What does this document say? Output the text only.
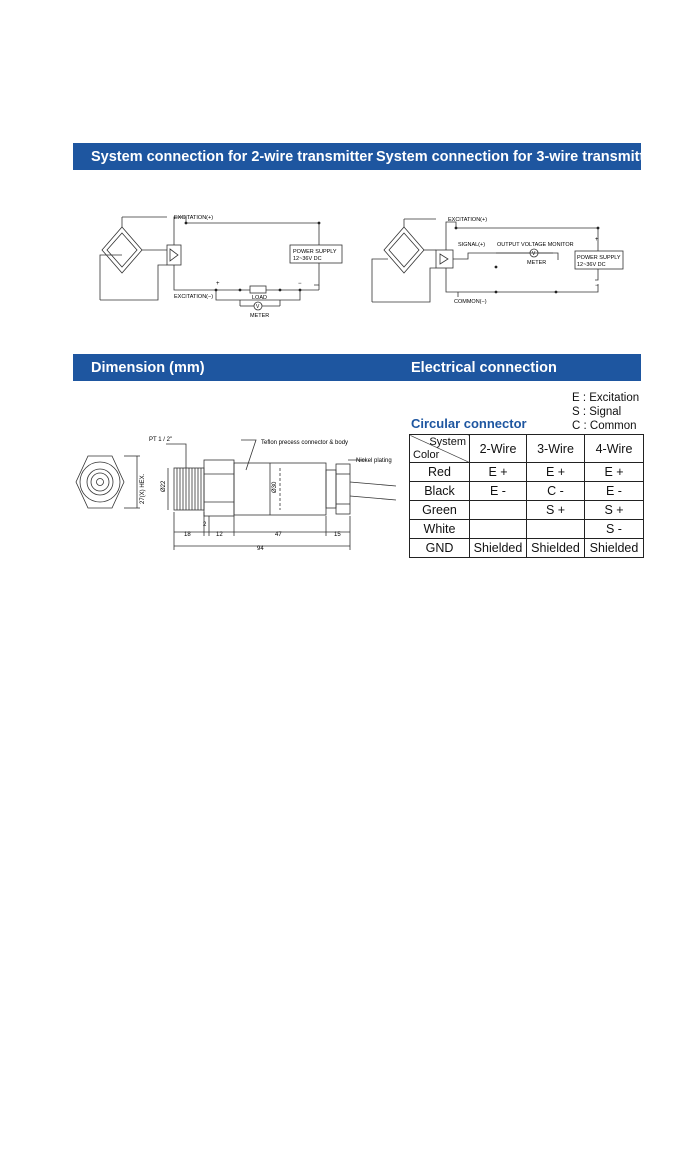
System connection for 2-wire transmitter System connection for 3-wire transmitter
Dimension (mm)	Electrical connection
EXCITATION(+)
EXCITATION(−)
POWER SUPPLY
12~36V DC
LOAD
METER
V
+	−
EXCITATION(+)
SIGNAL(+) OUTPUT VOLTAGE MONITOR
V
METER
POWER SUPPLY
12~36V DC
COMMON(−)
+
−
PT 1 / 2"	Teflon precess connector & body
Nickel plating
27(X) HEX.	Ø22	Ø30
18
2
12	47	15
94
E : Excitation
S : Signal
C : Common
Circular connector
System
Color	2-Wire	3-Wire	4-Wire
Red	E +	E +	E +
Black	E -	C -	E -
Green		S +	S +
White			S -
GND	Shielded	Shielded	Shielded
